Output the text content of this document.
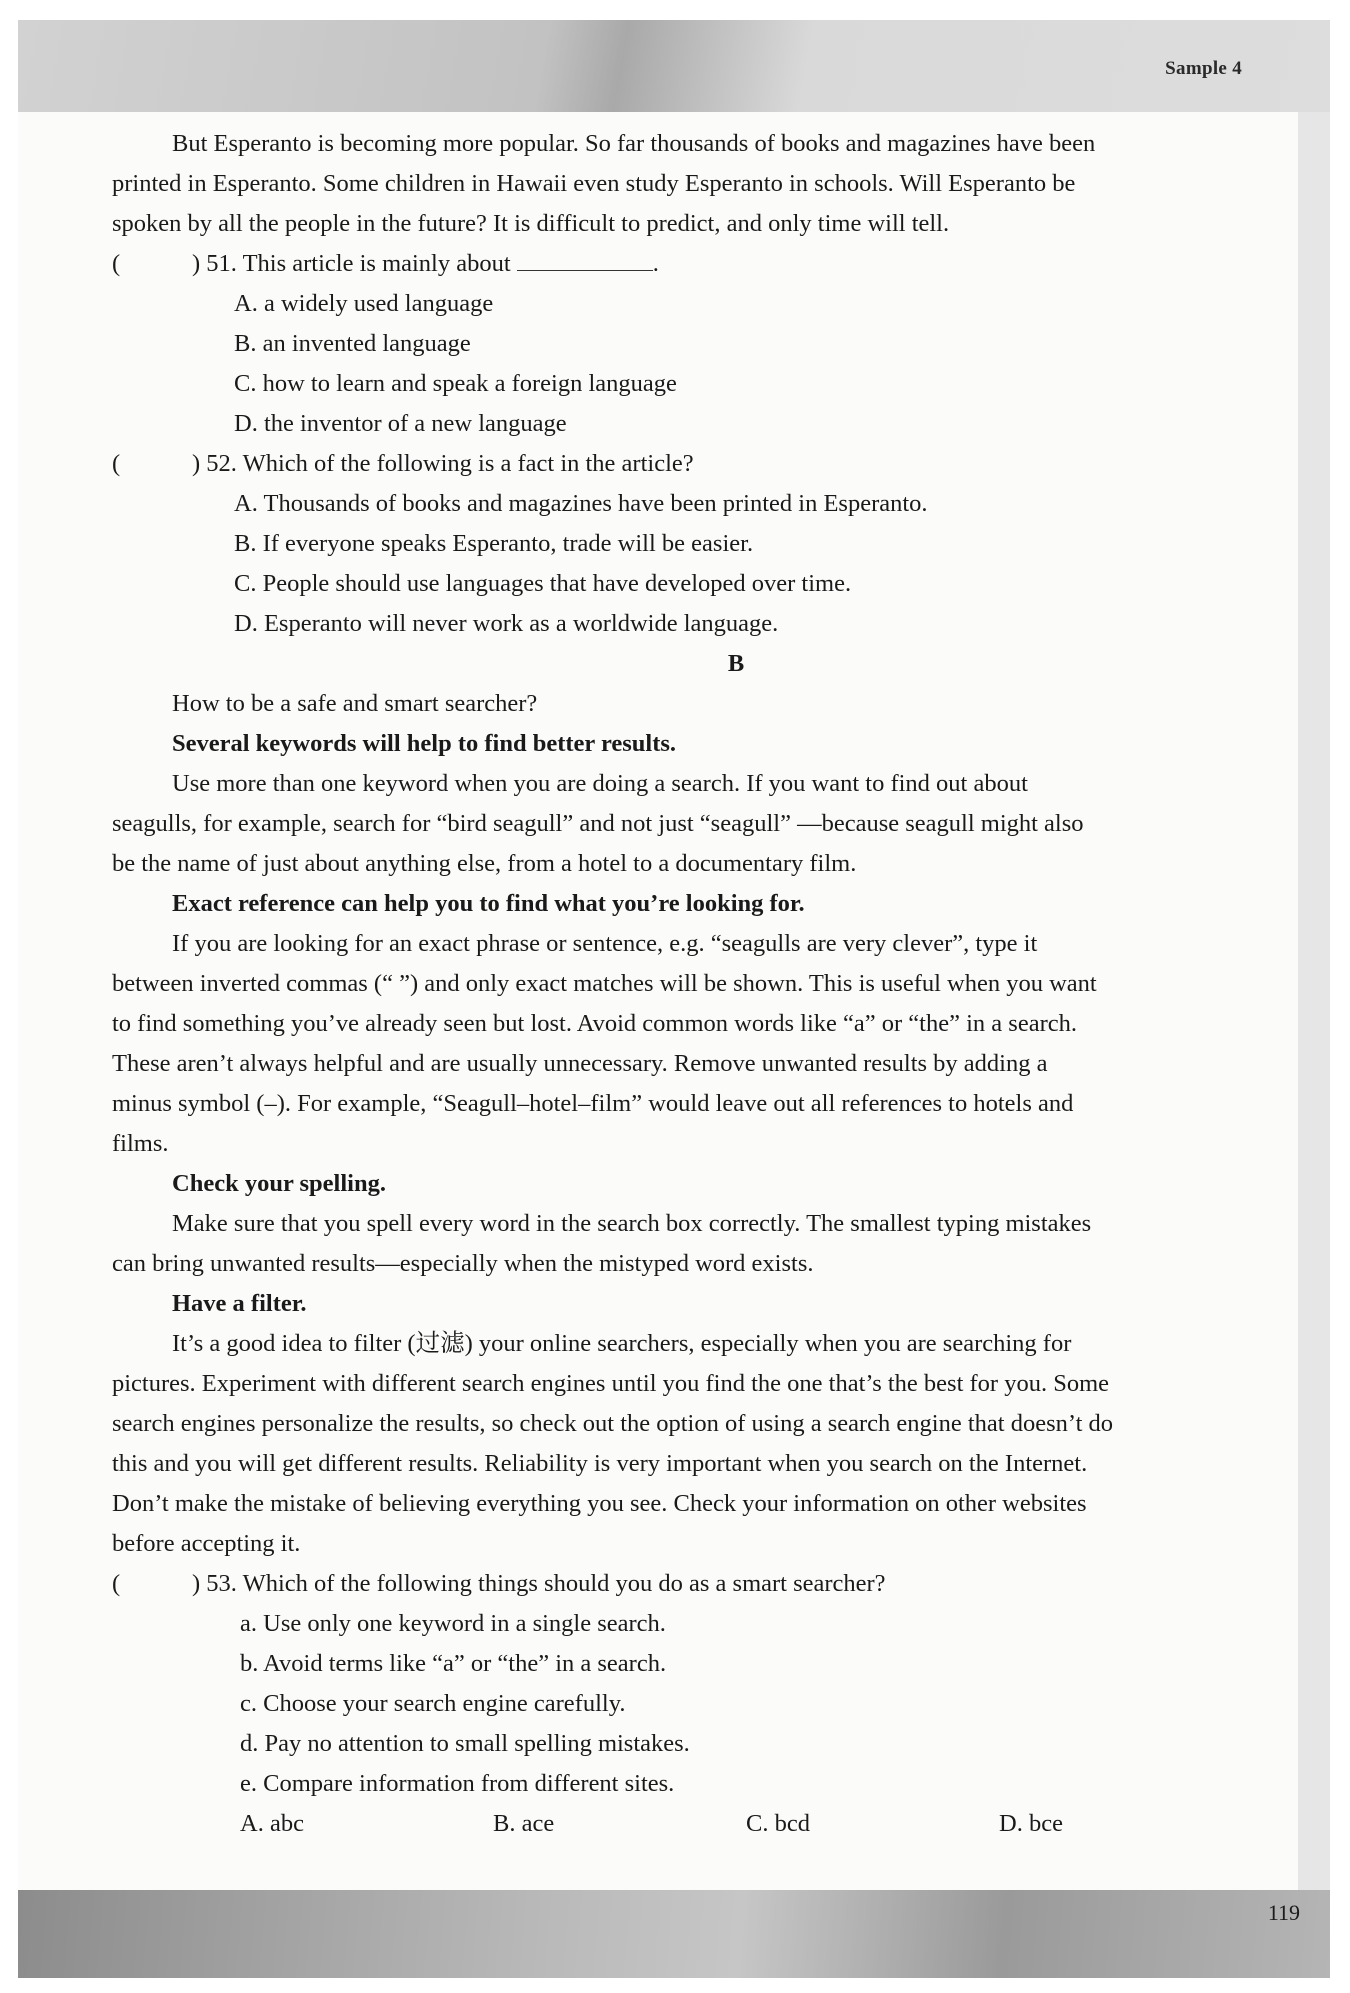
Sample 4
119

But Esperanto is becoming more popular. So far thousands of books and magazines have been
printed in Esperanto. Some children in Hawaii even study Esperanto in schools. Will Esperanto be
spoken by all the people in the future? It is difficult to predict, and only time will tell.

(	) 51. This article is mainly about	.

A. a widely used language

B. an invented language

C. how to learn and speak a foreign language

D. the inventor of a new language

(	) 52. Which of the following is a fact in the article?

A. Thousands of books and magazines have been printed in Esperanto.

B. If everyone speaks Esperanto, trade will be easier.

C. People should use languages that have developed over time.

D. Esperanto will never work as a worldwide language.

B

How to be a safe and smart searcher?

Several keywords will help to find better results.

Use more than one keyword when you are doing a search. If you want to find out about
seagulls, for example, search for “bird seagull” and not just “seagull” —because seagull might also
be the name of just about anything else, from a hotel to a documentary film.

Exact reference can help you to find what you’re looking for.

If you are looking for an exact phrase or sentence, e.g. “seagulls are very clever”, type it
between inverted commas (“ ”) and only exact matches will be shown. This is useful when you want
to find something you’ve already seen but lost. Avoid common words like “a” or “the” in a search.
These aren’t always helpful and are usually unnecessary. Remove unwanted results by adding a
minus symbol (–). For example, “Seagull–hotel–film” would leave out all references to hotels and
films.

Check your spelling.

Make sure that you spell every word in the search box correctly. The smallest typing mistakes
can bring unwanted results—especially when the mistyped word exists.

Have a filter.

It’s a good idea to filter (过滤) your online searchers, especially when you are searching for
pictures. Experiment with different search engines until you find the one that’s the best for you. Some
search engines personalize the results, so check out the option of using a search engine that doesn’t do
this and you will get different results. Reliability is very important when you search on the Internet.
Don’t make the mistake of believing everything you see. Check your information on other websites
before accepting it.

(	) 53. Which of the following things should you do as a smart searcher?

a. Use only one keyword in a single search.

b. Avoid terms like “a” or “the” in a search.

c. Choose your search engine carefully.

d. Pay no attention to small spelling mistakes.

e. Compare information from different sites.

A. abc	B. ace	C. bcd	D. bce
